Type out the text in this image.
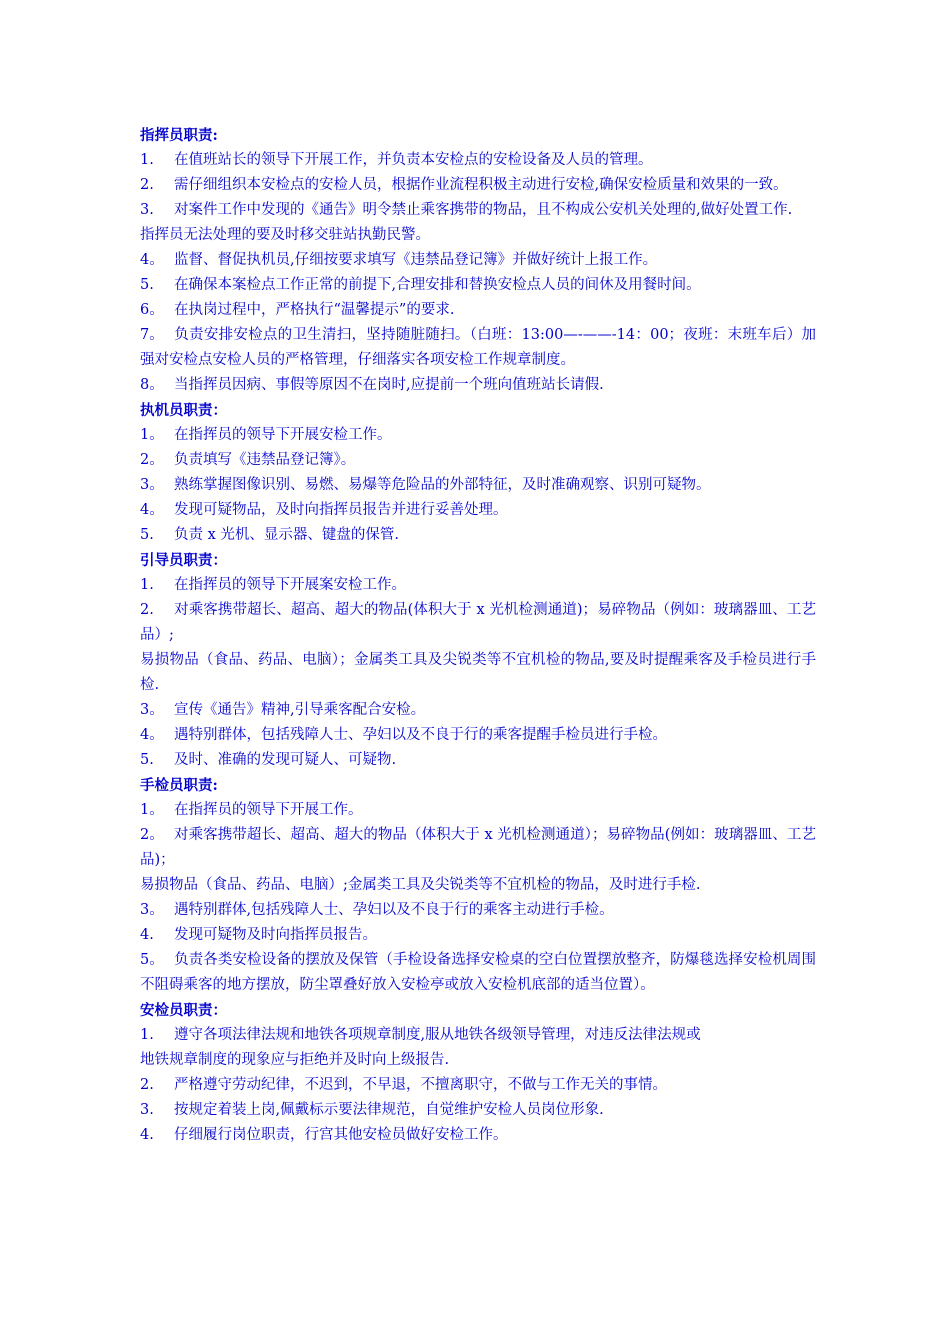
指挥员职责:

1. 在值班站长的领导下开展工作，并负责本安检点的安检设备及人员的管理。

2. 需仔细组织本安检点的安检人员，根据作业流程积极主动进行安检,确保安检质量和效果的一致。

3. 对案件工作中发现的《通告》明令禁止乘客携带的物品，且不构成公安机关处理的,做好处置工作.

指挥员无法处理的要及时移交驻站执勤民警。

4。 监督、督促执机员,仔细按要求填写《违禁品登记簿》并做好统计上报工作。

5. 在确保本案检点工作正常的前提下,合理安排和替换安检点人员的间休及用餐时间。

6。 在执岗过程中，严格执行“温馨提示”的要求.

7。 负责安排安检点的卫生清扫，坚持随脏随扫。（白班：13:00—-——-14：00；夜班：末班车后）加强对安检点安检人员的严格管理，仔细落实各项安检工作规章制度。

8。 当指挥员因病、事假等原因不在岗时,应提前一个班向值班站长请假.

执机员职责：

1。 在指挥员的领导下开展安检工作。

2。 负责填写《违禁品登记簿》。

3。 熟练掌握图像识别、易燃、易爆等危险品的外部特征，及时准确观察、识别可疑物。

4。 发现可疑物品，及时向指挥员报告并进行妥善处理。

5. 负责 x 光机、显示器、键盘的保管.

引导员职责：

1. 在指挥员的领导下开展案安检工作。

2. 对乘客携带超长、超高、超大的物品(体积大于 x 光机检测通道)；易碎物品（例如：玻璃器皿、工艺品）;

易损物品（食品、药品、电脑）；金属类工具及尖锐类等不宜机检的物品,要及时提醒乘客及手检员进行手检.

3。 宣传《通告》精神,引导乘客配合安检。

4。 遇特别群体，包括残障人士、孕妇以及不良于行的乘客提醒手检员进行手检。

5. 及时、准确的发现可疑人、可疑物.

手检员职责:

1。 在指挥员的领导下开展工作。

2。 对乘客携带超长、超高、超大的物品（体积大于 x 光机检测通道）；易碎物品(例如：玻璃器皿、工艺品)；

易损物品（食品、药品、电脑）;金属类工具及尖锐类等不宜机检的物品，及时进行手检.

3。 遇特别群体,包括残障人士、孕妇以及不良于行的乘客主动进行手检。

4. 发现可疑物及时向指挥员报告。

5。 负责各类安检设备的摆放及保管（手检设备选择安检桌的空白位置摆放整齐，防爆毯选择安检机周围不阻碍乘客的地方摆放，防尘罩叠好放入安检亭或放入安检机底部的适当位置）。

安检员职责：

1. 遵守各项法律法规和地铁各项规章制度,服从地铁各级领导管理，对违反法律法规或

地铁规章制度的现象应与拒绝并及时向上级报告.

2. 严格遵守劳动纪律，不迟到，不早退，不擅离职守，不做与工作无关的事情。

3. 按规定着装上岗,佩戴标示要法律规范，自觉维护安检人员岗位形象.

4. 仔细履行岗位职责，行宫其他安检员做好安检工作。
